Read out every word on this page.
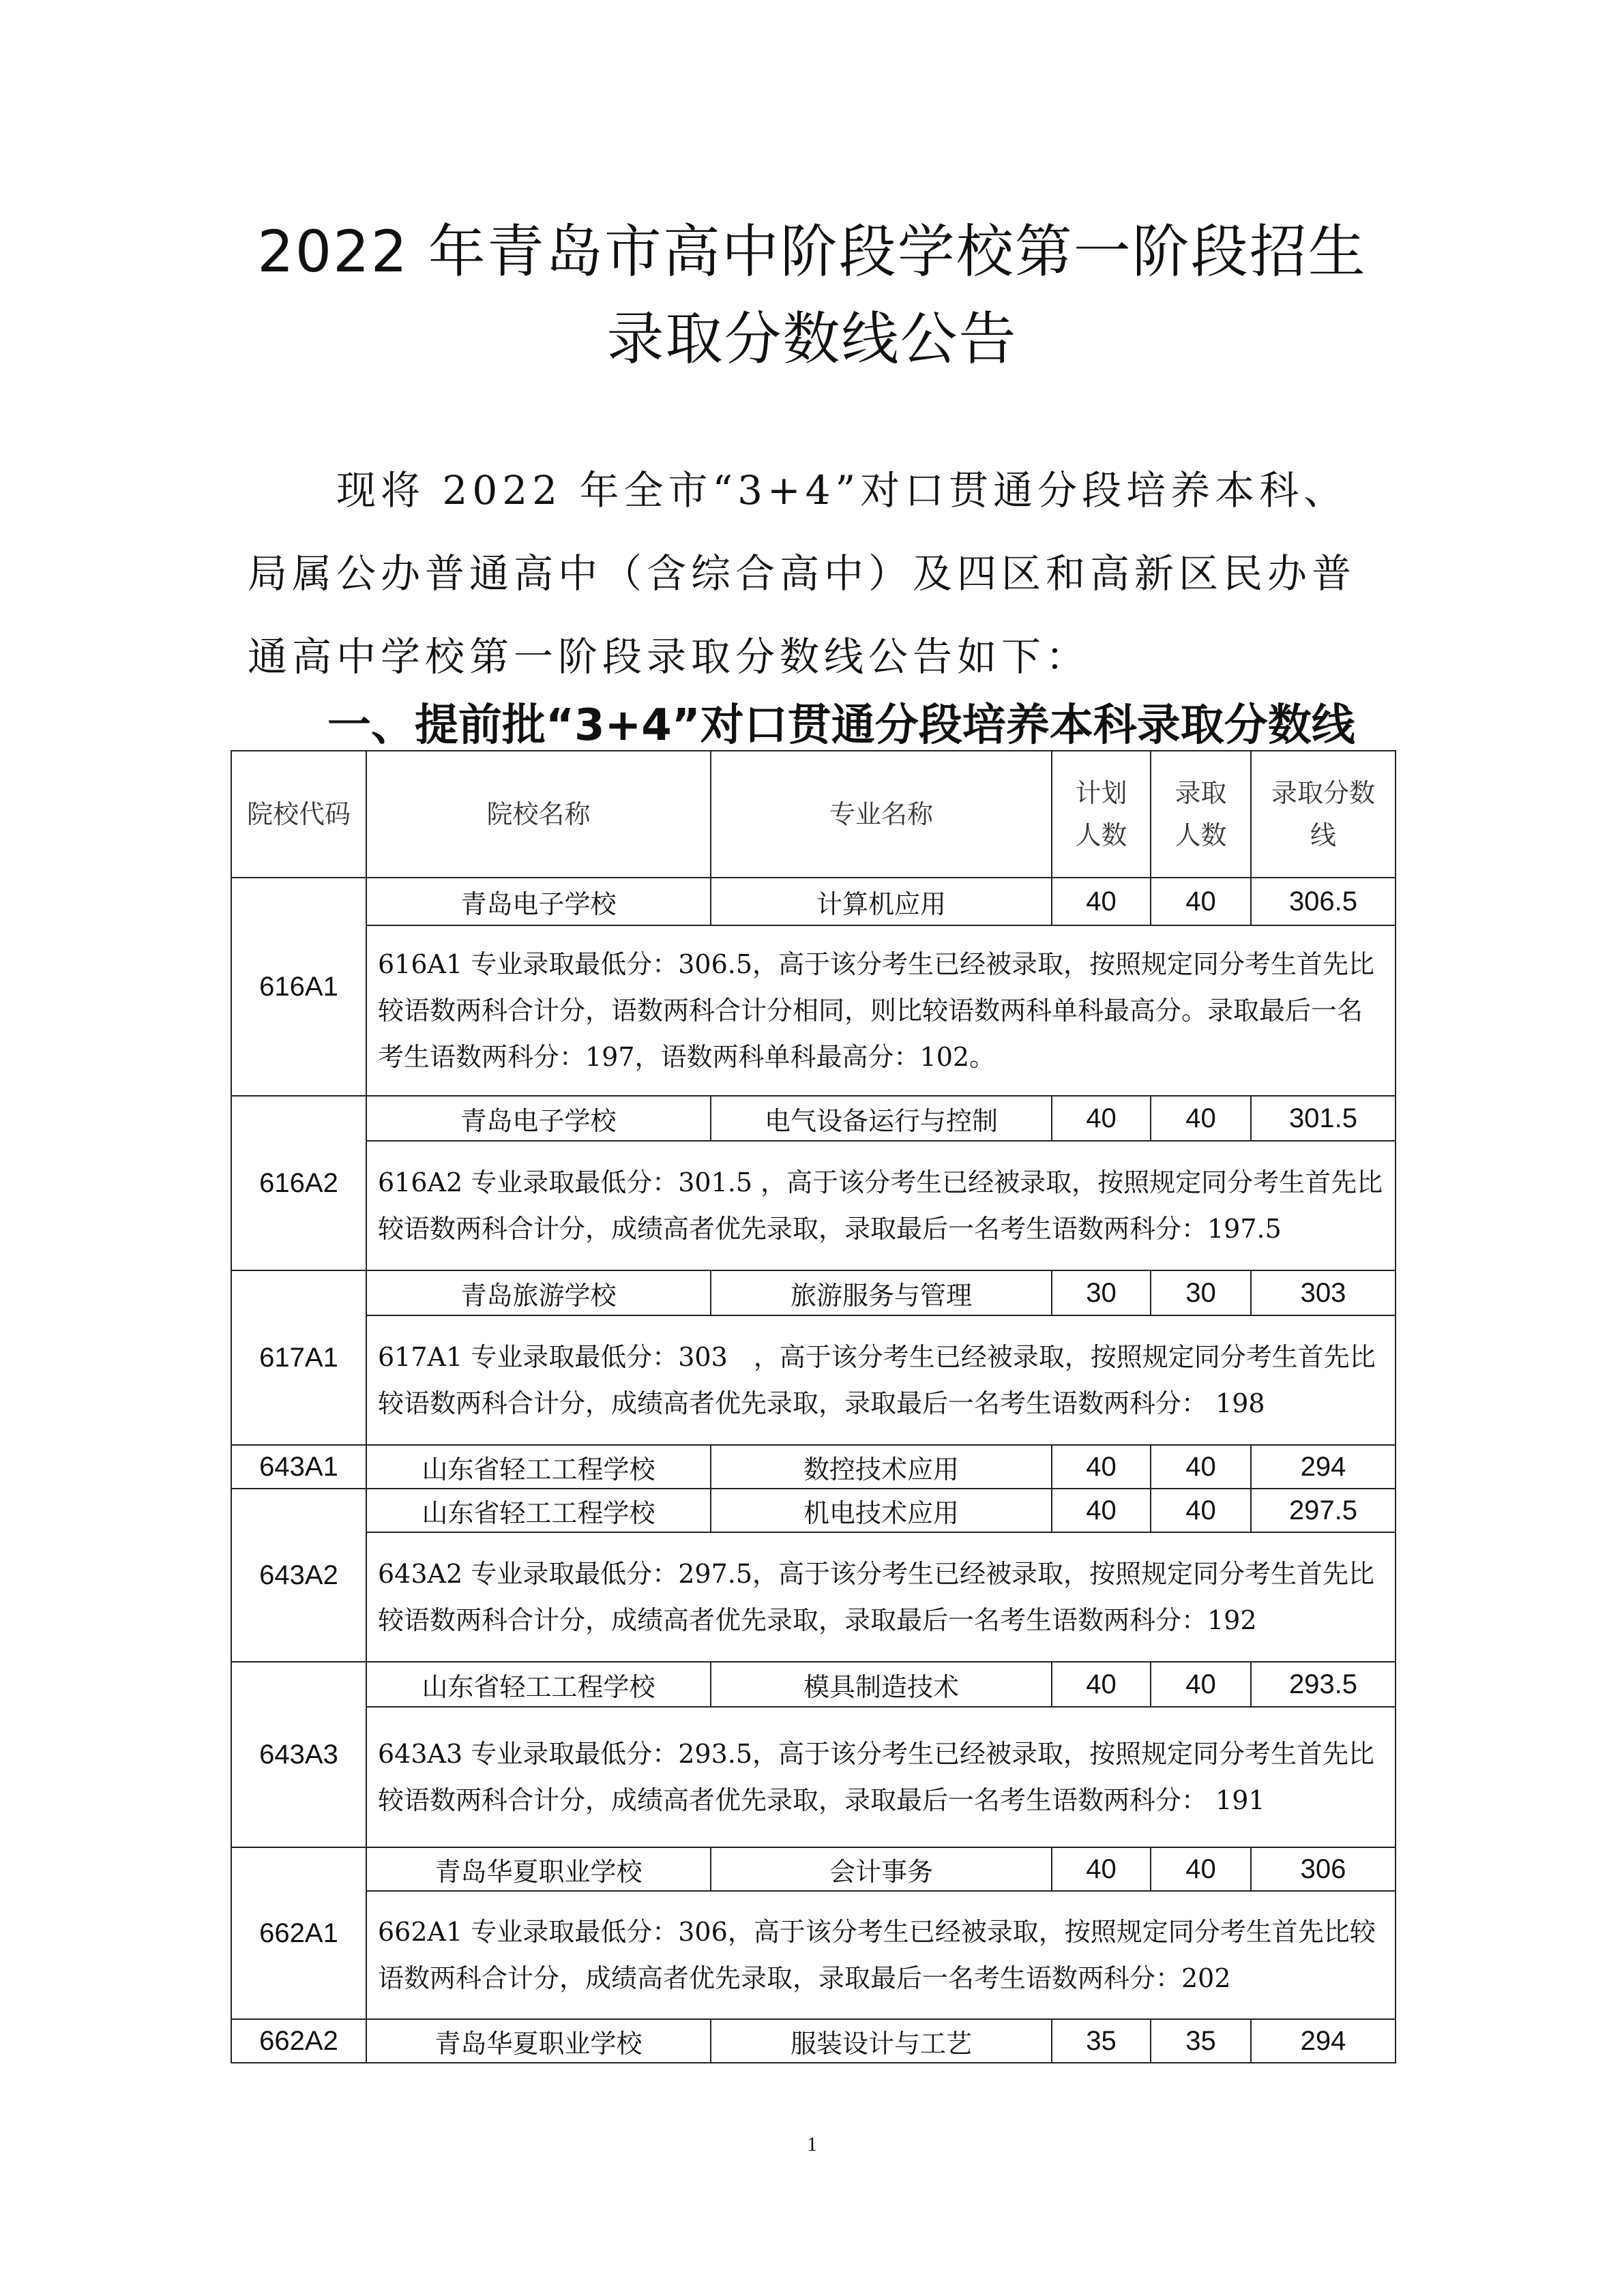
2022 年青岛市高中阶段学校第一阶段招生
录取分数线公告

现将 2022 年全市“3+4”对口贯通分段培养本科、局属公办普通高中（含综合高中）及四区和高新区民办普通高中学校第一阶段录取分数线公告如下：

一、提前批“3+4”对口贯通分段培养本科录取分数线
院校代码	院校名称	专业名称	计划人数	录取人数	录取分数线
616A1	青岛电子学校	计算机应用	40	40	306.5
	616A1 专业录取最低分：306.5，高于该分考生已经被录取，按照规定同分考生首先比较语数两科合计分，语数两科合计分相同，则比较语数两科单科最高分。录取最后一名考生语数两科分：197，语数两科单科最高分：102。				
616A2	青岛电子学校	电气设备运行与控制	40	40	301.5
	616A2 专业录取最低分：301.5 ，高于该分考生已经被录取，按照规定同分考生首先比较语数两科合计分，成绩高者优先录取，录取最后一名考生语数两科分：197.5				
617A1	青岛旅游学校	旅游服务与管理	30	30	303
	617A1 专业录取最低分：303　，高于该分考生已经被录取，按照规定同分考生首先比较语数两科合计分，成绩高者优先录取，录取最后一名考生语数两科分： 198				
643A1	山东省轻工工程学校	数控技术应用	40	40	294
643A2	山东省轻工工程学校	机电技术应用	40	40	297.5
	643A2 专业录取最低分：297.5，高于该分考生已经被录取，按照规定同分考生首先比较语数两科合计分，成绩高者优先录取，录取最后一名考生语数两科分：192				
643A3	山东省轻工工程学校	模具制造技术	40	40	293.5
	643A3 专业录取最低分：293.5，高于该分考生已经被录取，按照规定同分考生首先比较语数两科合计分，成绩高者优先录取，录取最后一名考生语数两科分： 191				
662A1	青岛华夏职业学校	会计事务	40	40	306
	662A1 专业录取最低分：306，高于该分考生已经被录取，按照规定同分考生首先比较语数两科合计分，成绩高者优先录取，录取最后一名考生语数两科分：202				
662A2	青岛华夏职业学校	服装设计与工艺	35	35	294
1
